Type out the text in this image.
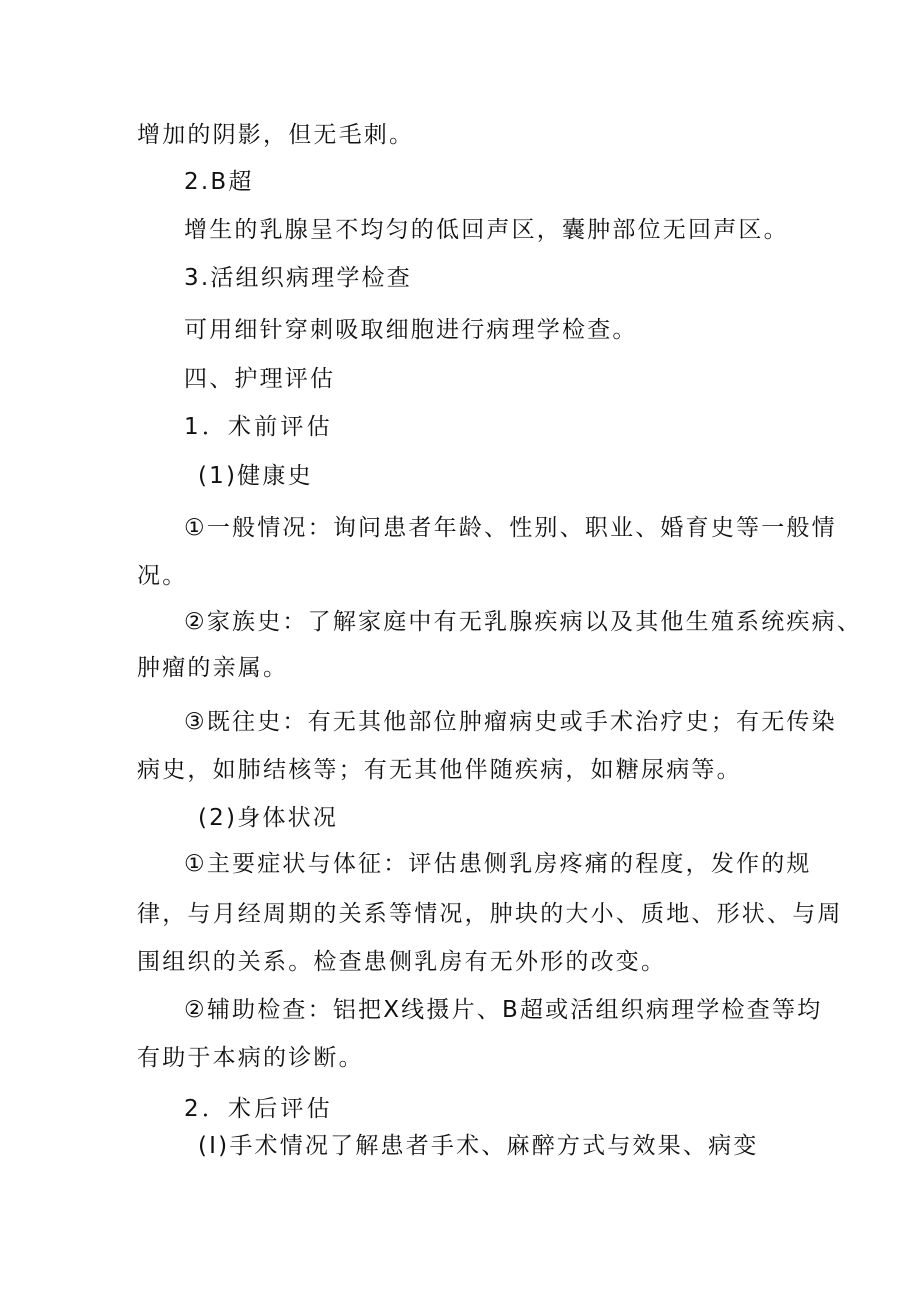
增加的阴影，但无毛刺。
2.B超
增生的乳腺呈不均匀的低回声区，囊肿部位无回声区。
3.活组织病理学检查
可用细针穿刺吸取细胞进行病理学检查。
四、护理评估
1．术前评估
(1)健康史
①一般情况：询问患者年龄、性别、职业、婚育史等一般情
况。
②家族史：了解家庭中有无乳腺疾病以及其他生殖系统疾病、
肿瘤的亲属。
③既往史：有无其他部位肿瘤病史或手术治疗史；有无传染
病史，如肺结核等；有无其他伴随疾病，如糖尿病等。
(2)身体状况
①主要症状与体征：评估患侧乳房疼痛的程度，发作的规
律，与月经周期的关系等情况，肿块的大小、质地、形状、与周
围组织的关系。检查患侧乳房有无外形的改变。
②辅助检查：铝把X线摄片、B超或活组织病理学检查等均
有助于本病的诊断。
2．术后评估
(I)手术情况了解患者手术、麻醉方式与效果、病变
